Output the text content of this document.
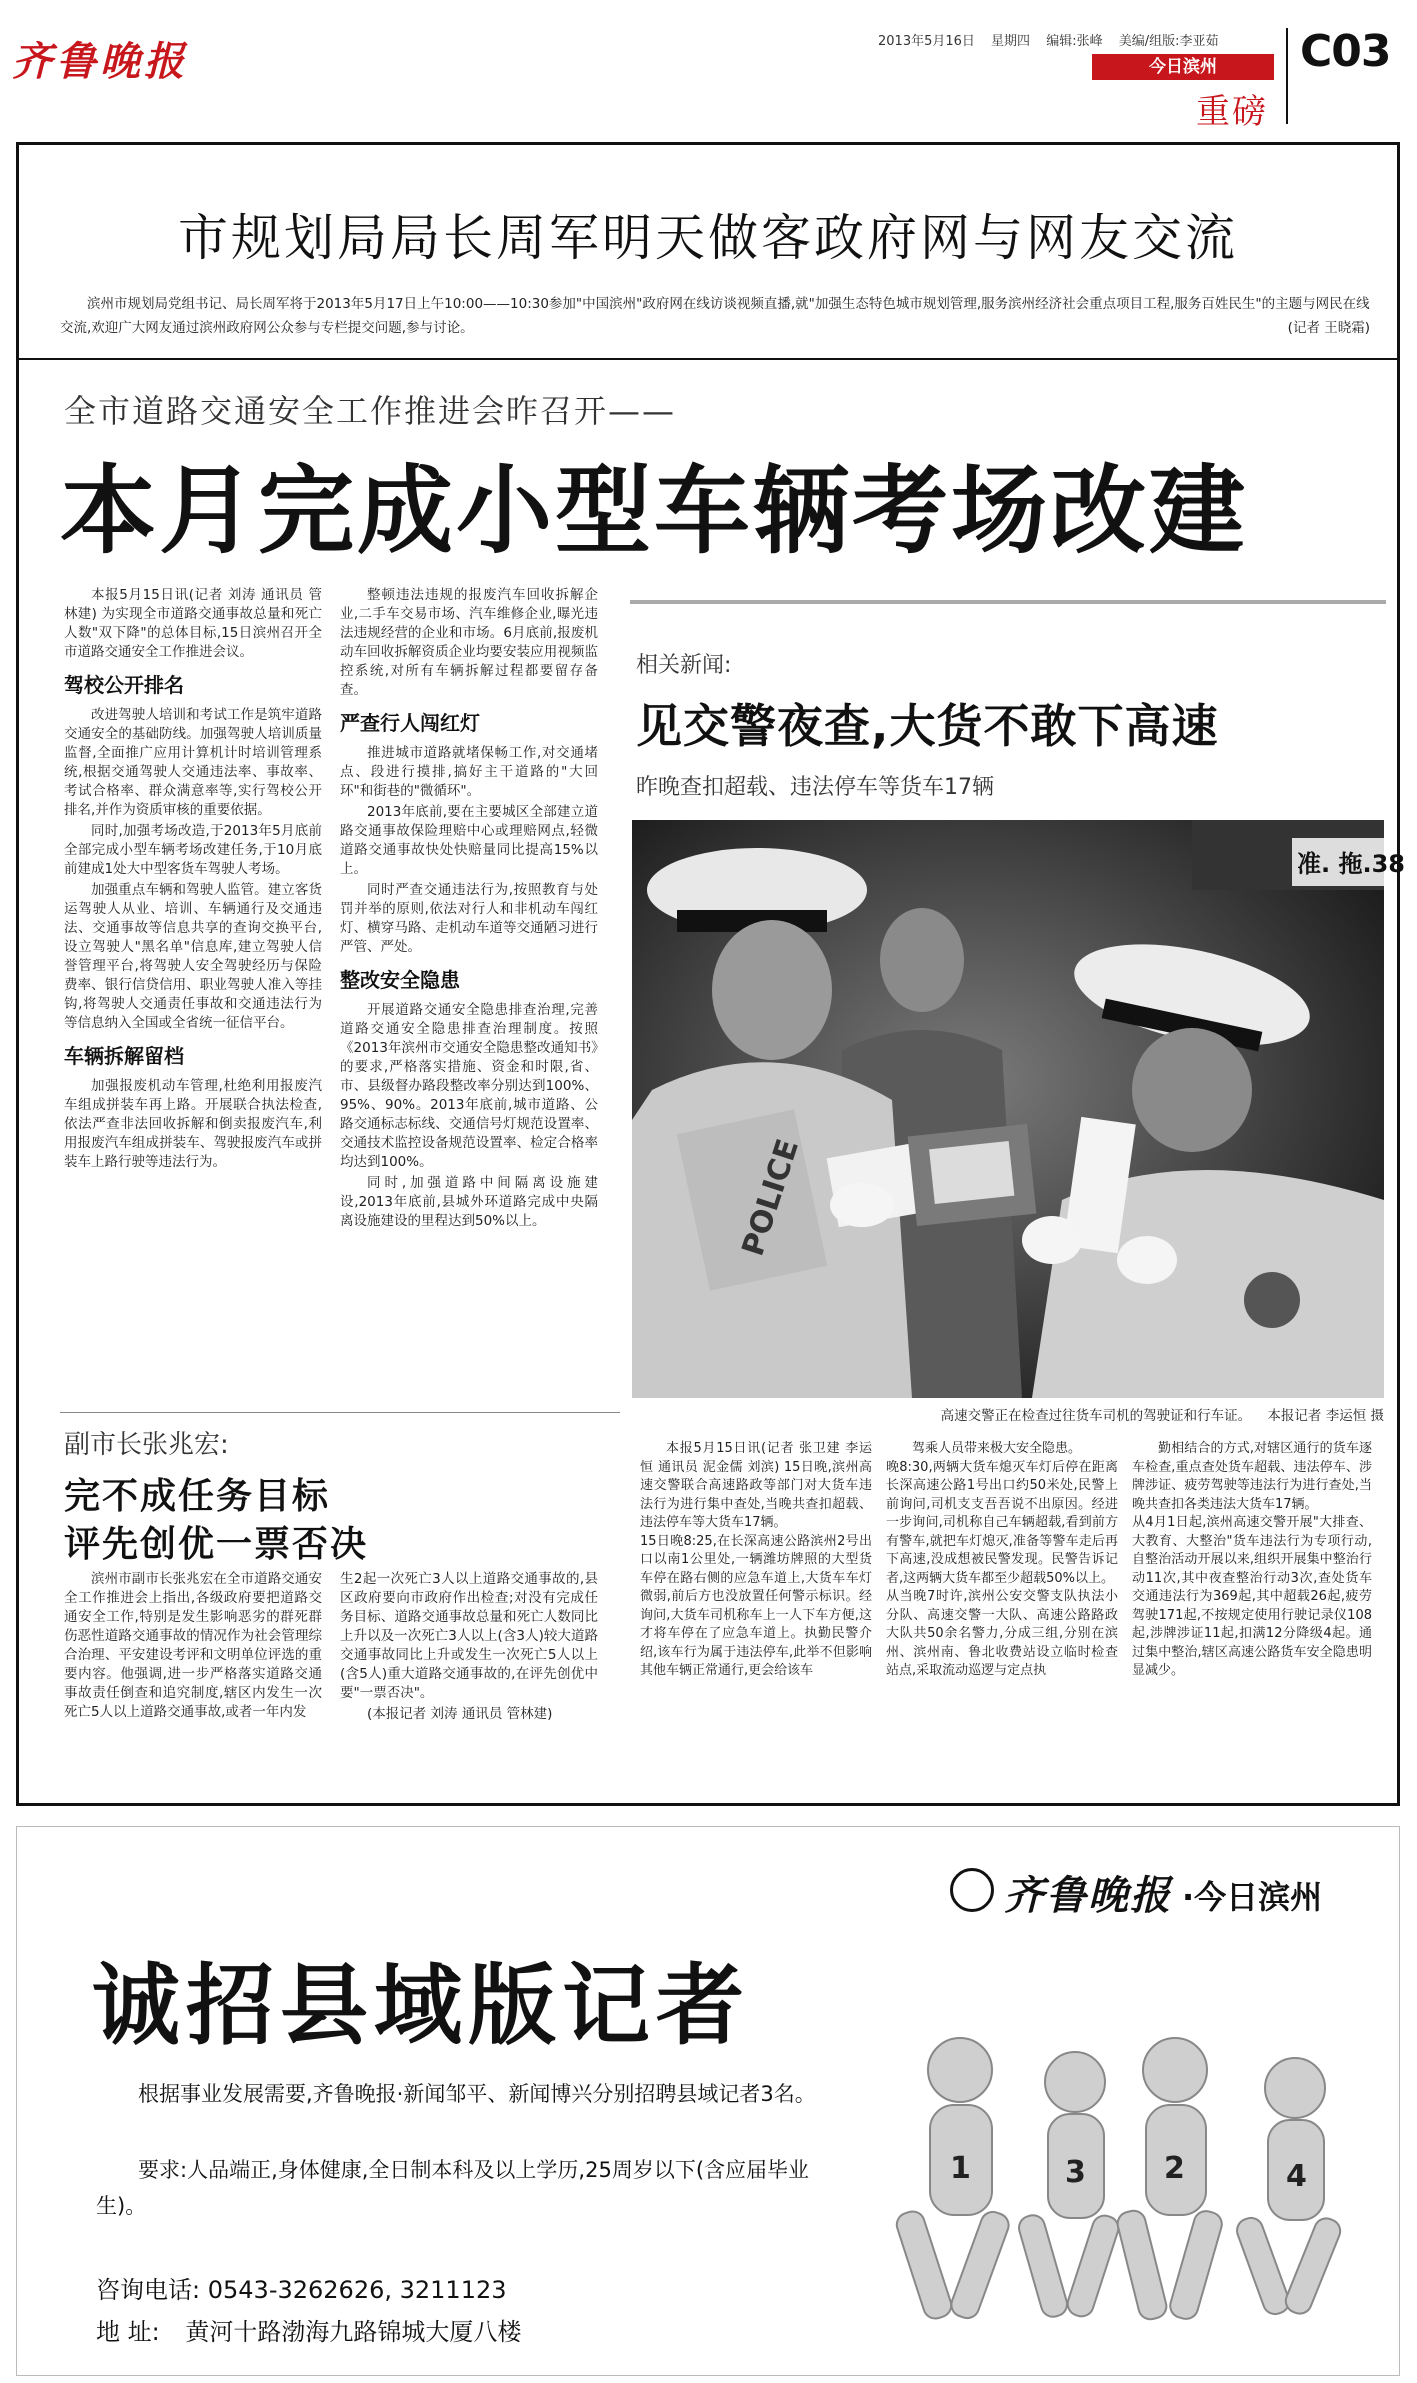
齐鲁晚报	2013年5月16日 星期四 编辑:张峰 美编/组版:李亚茹
今日滨州
重磅
C03
市规划局局长周军明天做客政府网与网友交流
滨州市规划局党组书记、局长周军将于2013年5月17日上午10:00——10:30参加"中国滨州"政府网在线访谈视频直播,就"加强生态特色城市规划管理,服务滨州经济社会重点项目工程,服务百姓民生"的主题与网民在线交流,欢迎广大网友通过滨州政府网公众参与专栏提交问题,参与讨论。	(记者 王晓霜)
全市道路交通安全工作推进会昨召开——
本月完成小型车辆考场改建

本报5月15日讯(记者 刘涛 通讯员 管林建) 为实现全市道路交通事故总量和死亡人数"双下降"的总体目标,15日滨州召开全市道路交通安全工作推进会议。

驾校公开排名

改进驾驶人培训和考试工作是筑牢道路交通安全的基础防线。加强驾驶人培训质量监督,全面推广应用计算机计时培训管理系统,根据交通驾驶人交通违法率、事故率、考试合格率、群众满意率等,实行驾校公开排名,并作为资质审核的重要依据。

同时,加强考场改造,于2013年5月底前全部完成小型车辆考场改建任务,于10月底前建成1处大中型客货车驾驶人考场。

加强重点车辆和驾驶人监管。建立客货运驾驶人从业、培训、车辆通行及交通违法、交通事故等信息共享的查询交换平台,设立驾驶人"黑名单"信息库,建立驾驶人信誉管理平台,将驾驶人安全驾驶经历与保险费率、银行信贷信用、职业驾驶人准入等挂钩,将驾驶人交通责任事故和交通违法行为等信息纳入全国或全省统一征信平台。

车辆拆解留档

加强报废机动车管理,杜绝利用报废汽车组成拼装车再上路。开展联合执法检查,依法严查非法回收拆解和倒卖报废汽车,利用报废汽车组成拼装车、驾驶报废汽车或拼装车上路行驶等违法行为。

整顿违法违规的报废汽车回收拆解企业,二手车交易市场、汽车维修企业,曝光违法违规经营的企业和市场。6月底前,报废机动车回收拆解资质企业均要安装应用视频监控系统,对所有车辆拆解过程都要留存备查。

严查行人闯红灯

推进城市道路就堵保畅工作,对交通堵点、段进行摸排,搞好主干道路的"大回环"和街巷的"微循环"。

2013年底前,要在主要城区全部建立道路交通事故保险理赔中心或理赔网点,轻微道路交通事故快处快赔量同比提高15%以上。

同时严查交通违法行为,按照教育与处罚并举的原则,依法对行人和非机动车闯红灯、横穿马路、走机动车道等交通陋习进行严管、严处。

整改安全隐患

开展道路交通安全隐患排查治理,完善道路交通安全隐患排查治理制度。按照《2013年滨州市交通安全隐患整改通知书》的要求,严格落实措施、资金和时限,省、市、县级督办路段整改率分别达到100%、95%、90%。2013年底前,城市道路、公路交通标志标线、交通信号灯规范设置率、交通技术监控设备规范设置率、检定合格率均达到100%。

同时,加强道路中间隔离设施建设,2013年底前,县城外环道路完成中央隔离设施建设的里程达到50%以上。

副市长张兆宏:
完不成任务目标
评先创优一票否决

滨州市副市长张兆宏在全市道路交通安全工作推进会上指出,各级政府要把道路交通安全工作,特别是发生影响恶劣的群死群伤恶性道路交通事故的情况作为社会管理综合治理、平安建设考评和文明单位评选的重要内容。他强调,进一步严格落实道路交通事故责任倒查和追究制度,辖区内发生一次死亡5人以上道路交通事故,或者一年内发

生2起一次死亡3人以上道路交通事故的,县区政府要向市政府作出检查;对没有完成任务目标、道路交通事故总量和死亡人数同比上升以及一次死亡3人以上(含3人)较大道路交通事故同比上升或发生一次死亡5人以上(含5人)重大道路交通事故的,在评先创优中要"一票否决"。

(本报记者 刘涛 通讯员 管林建)

相关新闻:
见交警夜查,大货不敢下高速
昨晚查扣超载、违法停车等货车17辆
准. 拖.38
POLICE
高速交警正在检查过往货车司机的驾驶证和行车证。 本报记者 李运恒 摄
本报5月15日讯(记者 张卫建 李运恒 通讯员 泥金儒 刘滨) 15日晚,滨州高速交警联合高速路政等部门对大货车违法行为进行集中查处,当晚共查扣超载、违法停车等大货车17辆。
15日晚8:25,在长深高速公路滨州2号出口以南1公里处,一辆潍坊牌照的大型货车停在路右侧的应急车道上,大货车车灯微弱,前后方也没放置任何警示标识。经询问,大货车司机称车上一人下车方便,这才将车停在了应急车道上。执勤民警介绍,该车行为属于违法停车,此举不但影响其他车辆正常通行,更会给该车
驾乘人员带来极大安全隐患。
晚8:30,两辆大货车熄灭车灯后停在距离长深高速公路1号出口约50米处,民警上前询问,司机支支吾吾说不出原因。经进一步询问,司机称自己车辆超载,看到前方有警车,就把车灯熄灭,准备等警车走后再下高速,没成想被民警发现。民警告诉记者,这两辆大货车都至少超载50%以上。
从当晚7时许,滨州公安交警支队执法小分队、高速交警一大队、高速公路路政大队共50余名警力,分成三组,分别在滨州、滨州南、鲁北收费站设立临时检查站点,采取流动巡逻与定点执
勤相结合的方式,对辖区通行的货车逐车检查,重点查处货车超载、违法停车、涉牌涉证、疲劳驾驶等违法行为进行查处,当晚共查扣各类违法大货车17辆。
从4月1日起,滨州高速交警开展"大排查、大教育、大整治"货车违法行为专项行动,自整治活动开展以来,组织开展集中整治行动11次,其中夜查整治行动3次,查处货车交通违法行为369起,其中超载26起,疲劳驾驶171起,不按规定使用行驶记录仪108起,涉牌涉证11起,扣满12分降级4起。通过集中整治,辖区高速公路货车安全隐患明显减少。
齐鲁晚报 ·今日滨州
诚招县域版记者
根据事业发展需要,齐鲁晚报·新闻邹平、新闻博兴分别招聘县域记者3名。
要求:人品端正,身体健康,全日制本科及以上学历,25周岁以下(含应届毕业生)。
咨询电话: 0543-3262626, 3211123
地 址: 黄河十路渤海九路锦城大厦八楼
1	3	2	4
